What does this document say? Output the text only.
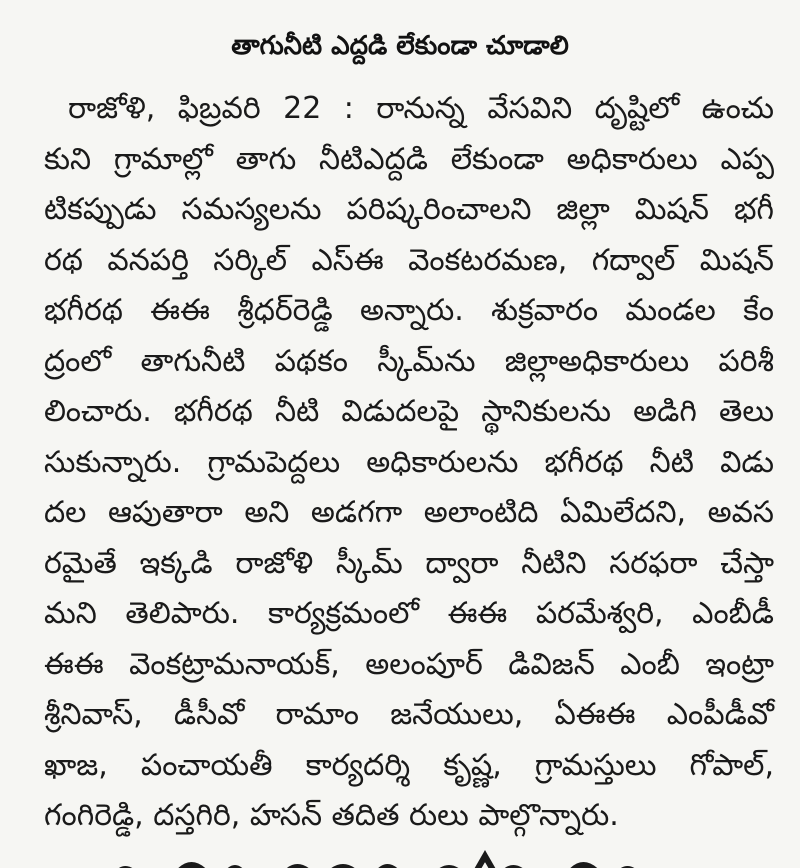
తాగునీటి ఎద్దడి లేకుండా చూడాలి
రాజోళి, ఫిబ్రవరి 22 : రానున్న వేసవిని దృష్టిలో ఉంచు
కుని గ్రామాల్లో తాగు నీటిఎద్దడి లేకుండా అధికారులు ఎప్ప
టికప్పుడు సమస్యలను పరిష్కరించాలని జిల్లా మిషన్ భగీ
రథ వనపర్తి సర్కిల్ ఎస్ఈ వెంకటరమణ, గద్వాల్ మిషన్
భగీరథ ఈఈ శ్రీధర్‌రెడ్డి అన్నారు. శుక్రవారం మండల కేం
ద్రంలో తాగునీటి పథకం స్కీమ్‌ను జిల్లాఅధికారులు పరిశీ
లించారు. భగీరథ నీటి విడుదలపై స్థానికులను అడిగి తెలు
సుకున్నారు. గ్రామపెద్దలు అధికారులను భగీరథ నీటి విడు
దల ఆపుతారా అని అడగగా అలాంటిది ఏమిలేదని, అవస
రమైతే ఇక్కడి రాజోళి స్కీమ్ ద్వారా నీటిని సరఫరా చేస్తా
మని తెలిపారు. కార్యక్రమంలో ఈఈ పరమేశ్వరి, ఎంబీడీ
ఈఈ వెంకట్రామనాయక్, అలంపూర్ డివిజన్ ఎంబీ ఇంట్రా
శ్రీనివాస్, డీసీవో రామాం జనేయులు, ఏఈఈ ఎంపీడీవో
ఖాజ, పంచాయతీ కార్యదర్శి కృష్ణ, గ్రామస్తులు గోపాల్,
గంగిరెడ్డి, దస్తగిరి, హసన్ తదిత రులు పాల్గొన్నారు.
